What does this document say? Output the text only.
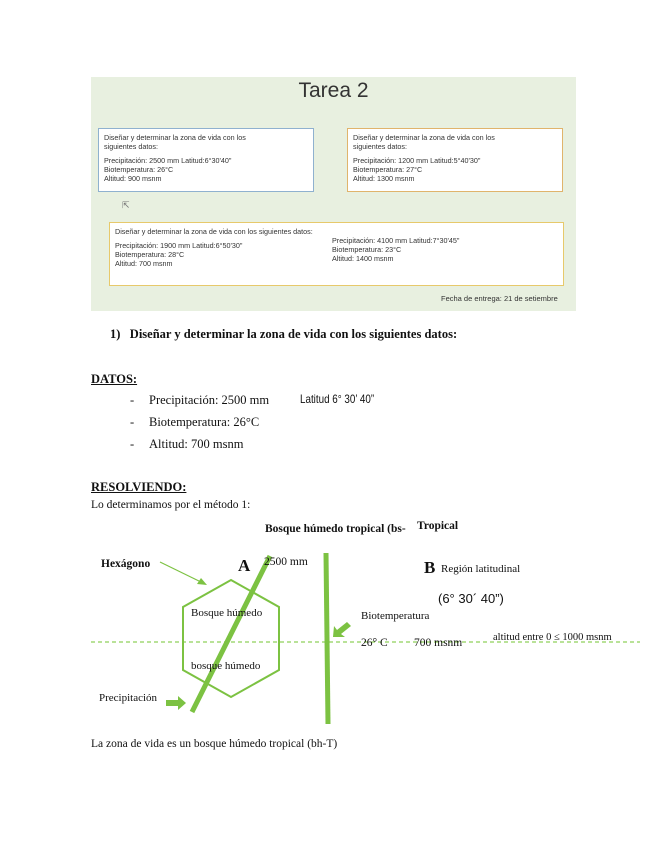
Tarea 2
Diseñar y determinar la zona de vida con los
siguientes datos:
Precipitación: 2500 mm Latitud:6°30'40"
Biotemperatura: 26°C
Altitud: 900 msnm
Diseñar y determinar la zona de vida con los
siguientes datos:
Precipitación: 1200 mm Latitud:5°40'30"
Biotemperatura: 27°C
Altitud: 1300 msnm
⇱
Diseñar y determinar la zona de vida con los siguientes datos:
Precipitación: 1900 mm Latitud:6°50'30"
Biotemperatura: 28°C
Altitud: 700 msnm
Precipitación: 4100 mm Latitud:7°30'45"
Biotemperatura: 23°C
Altitud: 1400 msnm
Fecha de entrega: 21 de setiembre
1)   Diseñar y determinar la zona de vida con los siguientes datos:
DATOS:
- Precipitación: 2500 mm	Latitud 6° 30’ 40”
- Biotemperatura: 26°C
- Altitud: 700 msnm
RESOLVIENDO:
Lo determinamos por el método 1:
Bosque húmedo tropical (bs- Tropical
Hexágono	A 2500 mm	B Región latitudinal
(6° 30´ 40”)
Bosque húmedo	Biotemperatura
26° C 700 msnm	altitud entre 0 ≤ 1000 msnm
bosque húmedo
Precipitación
La zona de vida es un bosque húmedo tropical (bh-T)
